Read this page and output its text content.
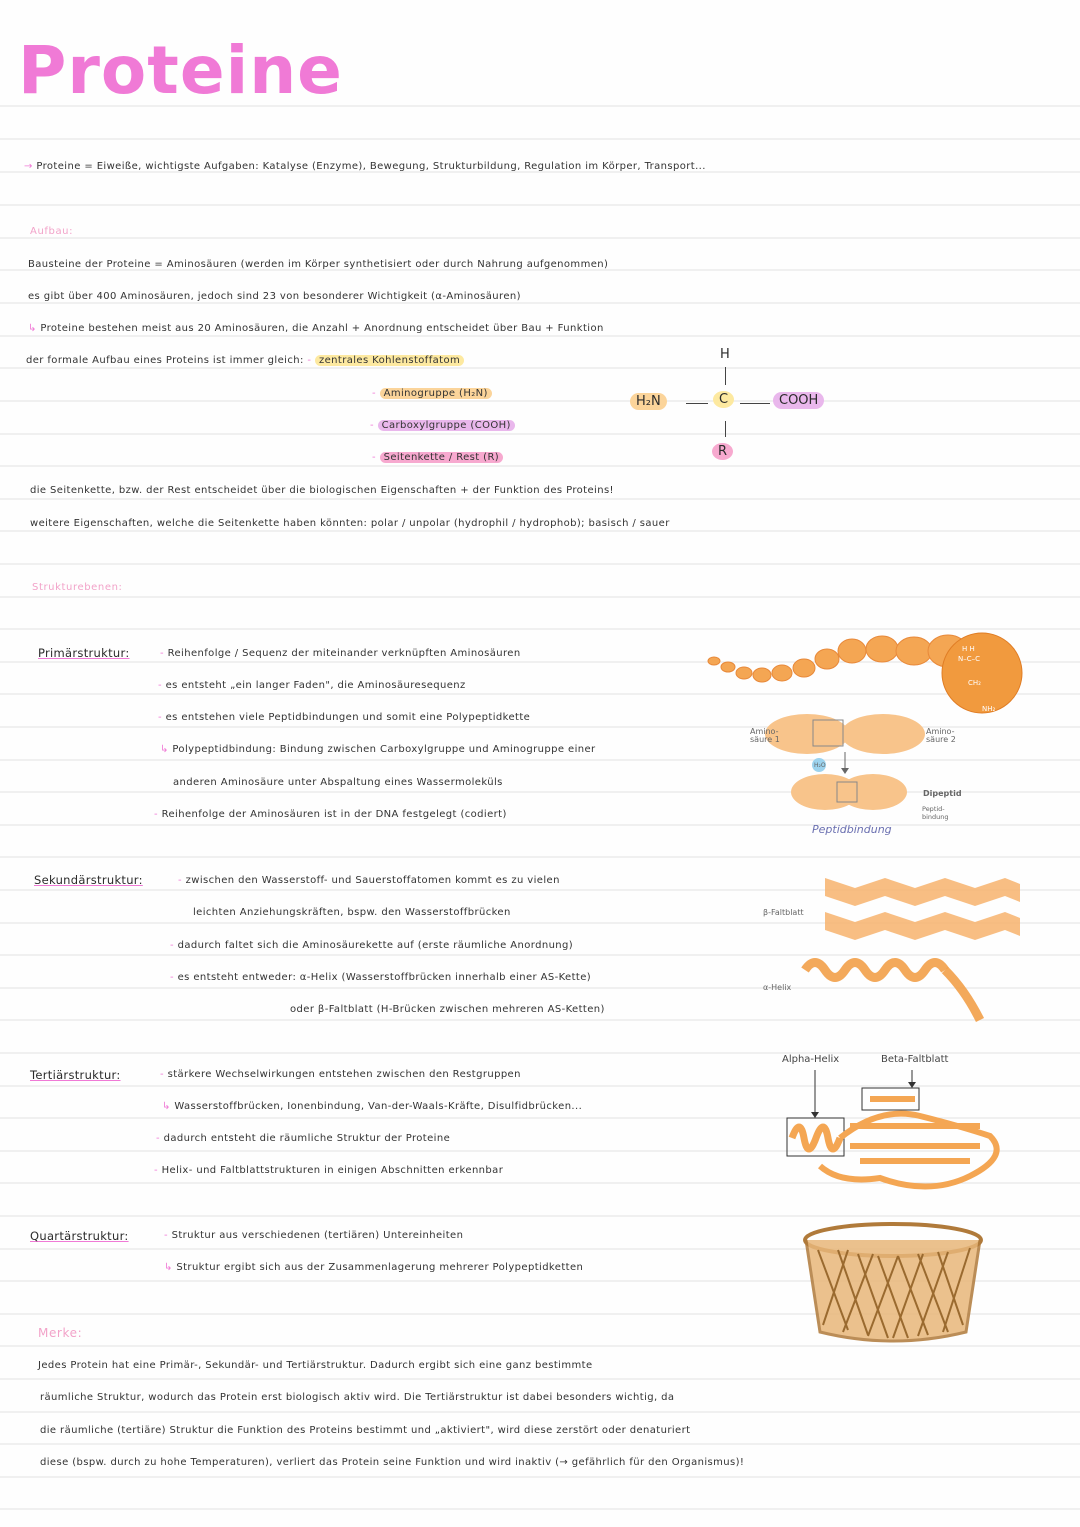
Proteine
→ Proteine = Eiweiße, wichtigste Aufgaben: Katalyse (Enzyme), Bewegung, Strukturbildung, Regulation im Körper, Transport...
Aufbau:
Bausteine der Proteine = Aminosäuren (werden im Körper synthetisiert oder durch Nahrung aufgenommen)
es gibt über 400 Aminosäuren, jedoch sind 23 von besonderer Wichtigkeit (α-Aminosäuren)
↳ Proteine bestehen meist aus 20 Aminosäuren, die Anzahl + Anordnung entscheidet über Bau + Funktion
der formale Aufbau eines Proteins ist immer gleich: - zentrales Kohlenstoffatom
- Aminogruppe (H₂N)
- Carboxylgruppe (COOH)
- Seitenkette / Rest (R)
H
H₂N	C	COOH
R
die Seitenkette, bzw. der Rest entscheidet über die biologischen Eigenschaften + der Funktion des Proteins!
weitere Eigenschaften, welche die Seitenkette haben könnten: polar / unpolar (hydrophil / hydrophob); basisch / sauer
Strukturebenen:
Primärstruktur:	- Reihenfolge / Sequenz der miteinander verknüpften Aminosäuren
- es entsteht „ein langer Faden", die Aminosäuresequenz
- es entstehen viele Peptidbindungen und somit eine Polypeptidkette
↳ Polypeptidbindung: Bindung zwischen Carboxylgruppe und Aminogruppe einer
anderen Aminosäure unter Abspaltung eines Wassermoleküls
- Reihenfolge der Aminosäuren ist in der DNA festgelegt (codiert)
H H
N–C–C
CH₂
NH₂
Amino-säure 1
Amino-säure 2
H₂O
Dipeptid
Peptid-bindung
Peptidbindung
Sekundärstruktur:	- zwischen den Wasserstoff- und Sauerstoffatomen kommt es zu vielen
leichten Anziehungskräften, bspw. den Wasserstoffbrücken
- dadurch faltet sich die Aminosäurekette auf (erste räumliche Anordnung)
- es entsteht entweder: α-Helix (Wasserstoffbrücken innerhalb einer AS-Kette)
oder β-Faltblatt (H-Brücken zwischen mehreren AS-Ketten)
β-Faltblatt
α-Helix
Tertiärstruktur:	- stärkere Wechselwirkungen entstehen zwischen den Restgruppen
↳ Wasserstoffbrücken, Ionenbindung, Van-der-Waals-Kräfte, Disulfidbrücken...
- dadurch entsteht die räumliche Struktur der Proteine
- Helix- und Faltblattstrukturen in einigen Abschnitten erkennbar
Alpha-Helix	Beta-Faltblatt
Quartärstruktur:	- Struktur aus verschiedenen (tertiären) Untereinheiten
↳ Struktur ergibt sich aus der Zusammenlagerung mehrerer Polypeptidketten
Merke:
Jedes Protein hat eine Primär-, Sekundär- und Tertiärstruktur. Dadurch ergibt sich eine ganz bestimmte
räumliche Struktur, wodurch das Protein erst biologisch aktiv wird. Die Tertiärstruktur ist dabei besonders wichtig, da
die räumliche (tertiäre) Struktur die Funktion des Proteins bestimmt und „aktiviert", wird diese zerstört oder denaturiert
diese (bspw. durch zu hohe Temperaturen), verliert das Protein seine Funktion und wird inaktiv (→ gefährlich für den Organismus)!
